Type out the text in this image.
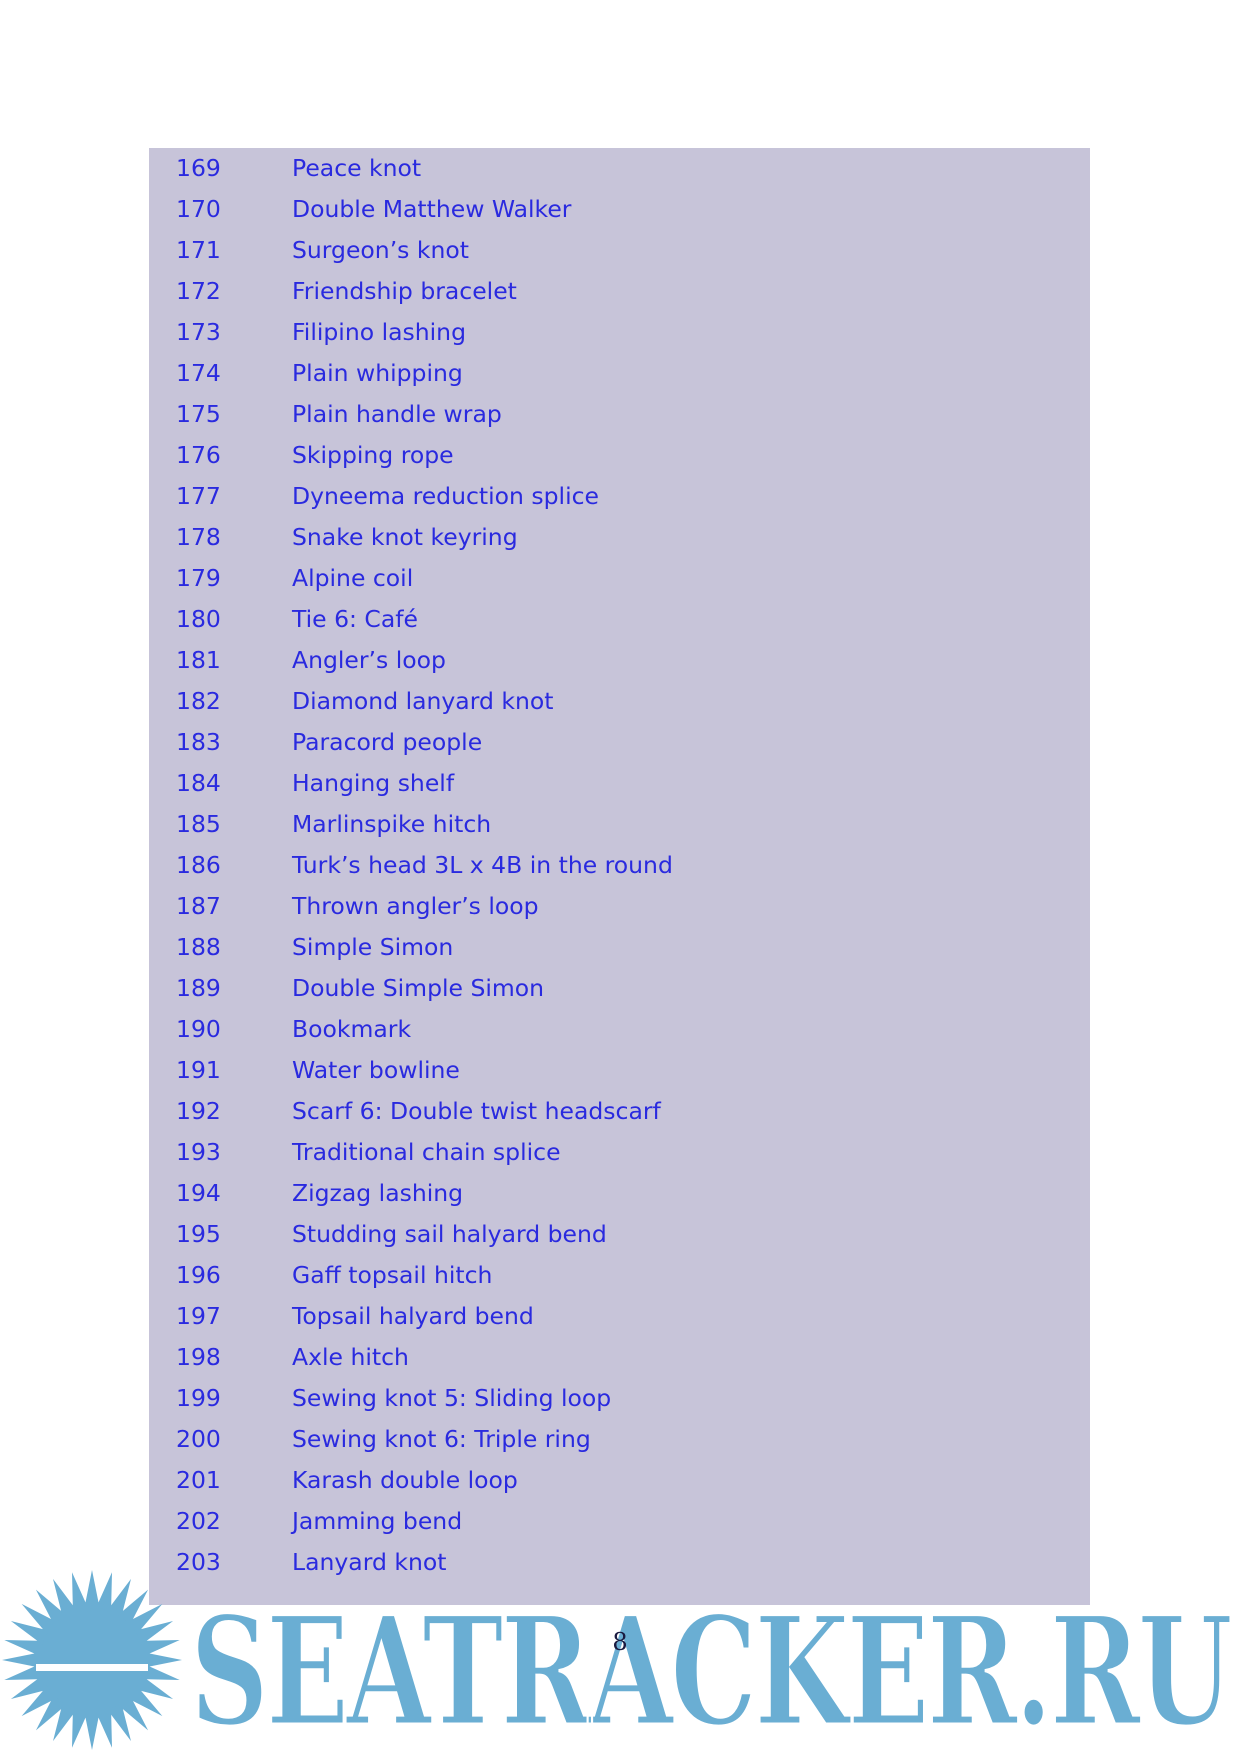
169	Peace knot
170	Double Matthew Walker
171	Surgeon’s knot
172	Friendship bracelet
173	Filipino lashing
174	Plain whipping
175	Plain handle wrap
176	Skipping rope
177	Dyneema reduction splice
178	Snake knot keyring
179	Alpine coil
180	Tie 6: Café
181	Angler’s loop
182	Diamond lanyard knot
183	Paracord people
184	Hanging shelf
185	Marlinspike hitch
186	Turk’s head 3L x 4B in the round
187	Thrown angler’s loop
188	Simple Simon
189	Double Simple Simon
190	Bookmark
191	Water bowline
192	Scarf 6: Double twist headscarf
193	Traditional chain splice
194	Zigzag lashing
195	Studding sail halyard bend
196	Gaff topsail hitch
197	Topsail halyard bend
198	Axle hitch
199	Sewing knot 5: Sliding loop
200	Sewing knot 6: Triple ring
201	Karash double loop
202	Jamming bend
203	Lanyard knot
SEATRACKER.RU
8
